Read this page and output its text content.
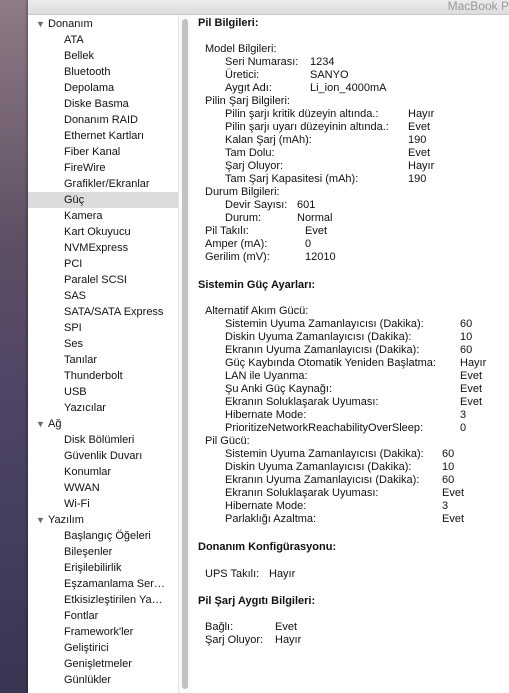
MacBook P
▼ Donanım
ATA
Bellek
Bluetooth
Depolama
Diske Basma
Donanım RAID
Ethernet Kartları
Fiber Kanal
FireWire
Grafikler/Ekranlar
Güç
Kamera
Kart Okuyucu
NVMExpress
PCI
Paralel SCSI
SAS
SATA/SATA Express
SPI
Ses
Tanılar
Thunderbolt
USB
Yazıcılar
▼ Ağ
Disk Bölümleri
Güvenlik Duvarı
Konumlar
WWAN
Wi-Fi
▼ Yazılım
Başlangıç Öğeleri
Bileşenler
Erişilebilirlik
Eşzamanlama Ser…
Etkisizleştirilen Ya…
Fontlar
Framework'ler
Geliştirici
Genişletmeler
Günlükler
Pil Bilgileri:
Model Bilgileri:
Seri Numarası: 1234
Üretici:	SANYO
Aygıt Adı:	Li_ion_4000mA
Pilin Şarj Bilgileri:
Pilin şarjı kritik düzeyin altında.:	Hayır
Pilin şarjı uyarı düzeyinin altında.: Evet
Kalan Şarj (mAh):	190
Tam Dolu:	Evet
Şarj Oluyor:	Hayır
Tam Şarj Kapasitesi (mAh):	190
Durum Bilgileri:
Devir Sayısı: 601
Durum:	Normal
Pil Takılı:	Evet
Amper (mA):	0
Gerilim (mV):	12010
Sistemin Güç Ayarları:
Alternatif Akım Gücü:
Sistemin Uyuma Zamanlayıcısı (Dakika):	60
Diskin Uyuma Zamanlayıcısı (Dakika):	10
Ekranın Uyuma Zamanlayıcısı (Dakika):	60
Güç Kaybında Otomatik Yeniden Başlatma: Hayır
LAN ile Uyanma:	Evet
Şu Anki Güç Kaynağı:	Evet
Ekranın Soluklaşarak Uyuması:	Evet
Hibernate Mode:	3
PrioritizeNetworkReachabilityOverSleep:	0
Pil Gücü:
Sistemin Uyuma Zamanlayıcısı (Dakika): 60
Diskin Uyuma Zamanlayıcısı (Dakika):	10
Ekranın Uyuma Zamanlayıcısı (Dakika): 60
Ekranın Soluklaşarak Uyuması:	Evet
Hibernate Mode:	3
Parlaklığı Azaltma:	Evet
Donanım Konfigürasyonu:
UPS Takılı: Hayır
Pil Şarj Aygıtı Bilgileri:
Bağlı:	Evet
Şarj Oluyor: Hayır
